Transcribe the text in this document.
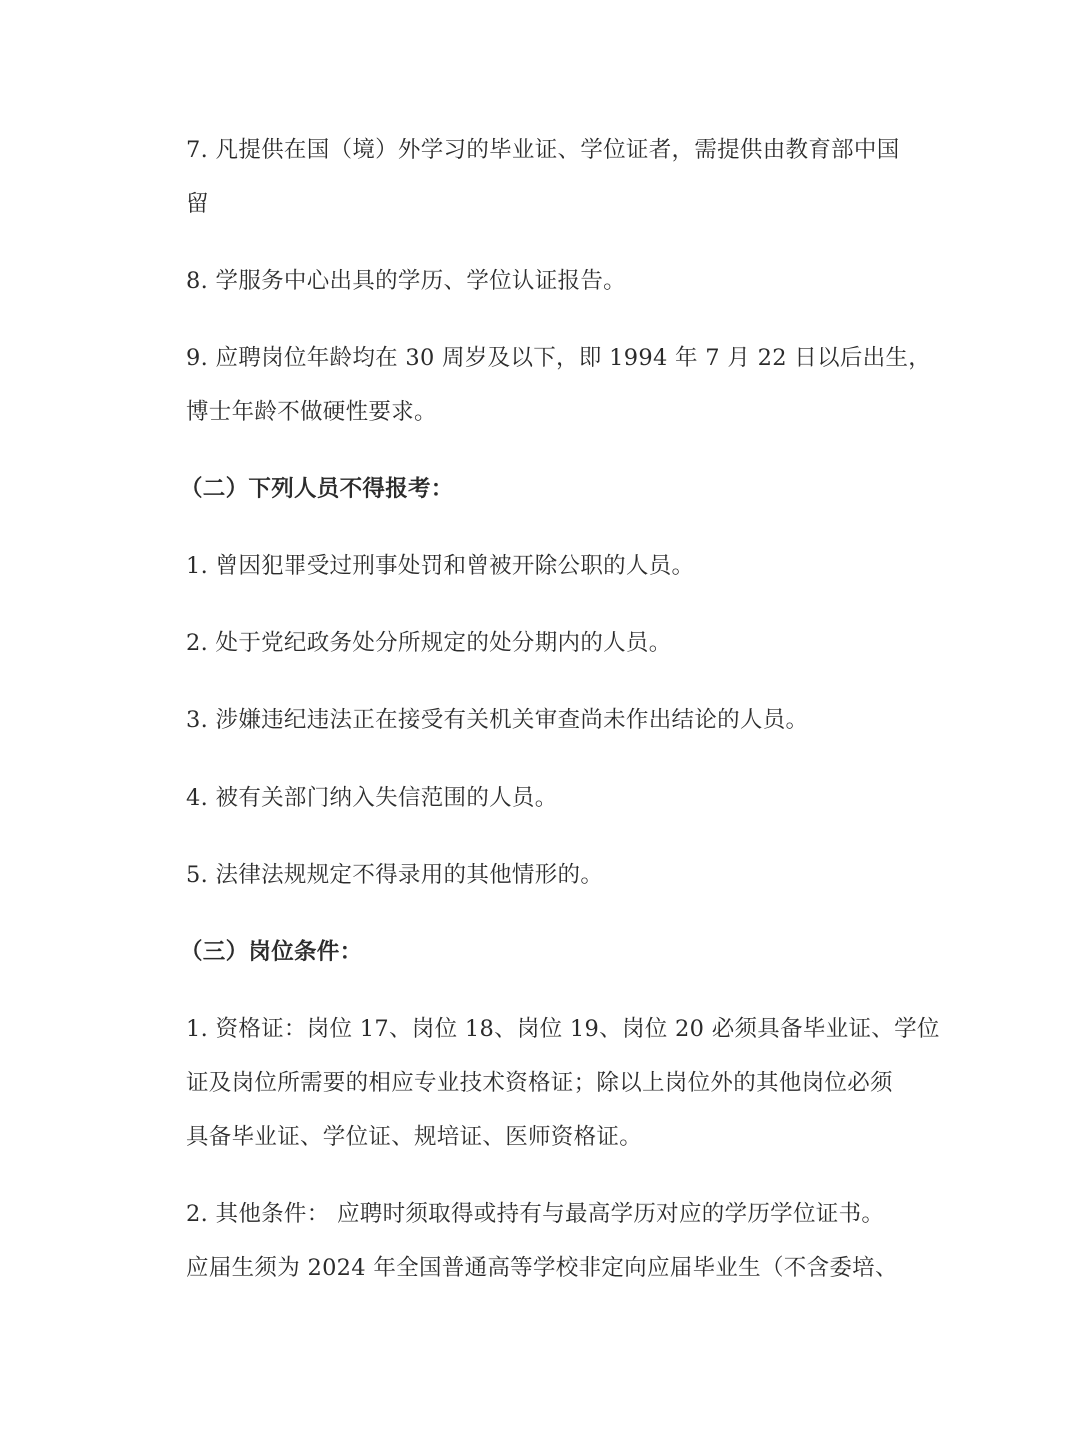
7. 凡提供在国（境）外学习的毕业证、学位证者，需提供由教育部中国
留
8. 学服务中心出具的学历、学位认证报告。
9. 应聘岗位年龄均在 30 周岁及以下，即 1994 年 7 月 22 日以后出生，
博士年龄不做硬性要求。
（二）下列人员不得报考：
1. 曾因犯罪受过刑事处罚和曾被开除公职的人员。
2. 处于党纪政务处分所规定的处分期内的人员。
3. 涉嫌违纪违法正在接受有关机关审查尚未作出结论的人员。
4. 被有关部门纳入失信范围的人员。
5. 法律法规规定不得录用的其他情形的。
（三）岗位条件：
1. 资格证：岗位 17、岗位 18、岗位 19、岗位 20 必须具备毕业证、学位
证及岗位所需要的相应专业技术资格证；除以上岗位外的其他岗位必须
具备毕业证、学位证、规培证、医师资格证。
2. 其他条件： 应聘时须取得或持有与最高学历对应的学历学位证书。
应届生须为 2024 年全国普通高等学校非定向应届毕业生（不含委培、
